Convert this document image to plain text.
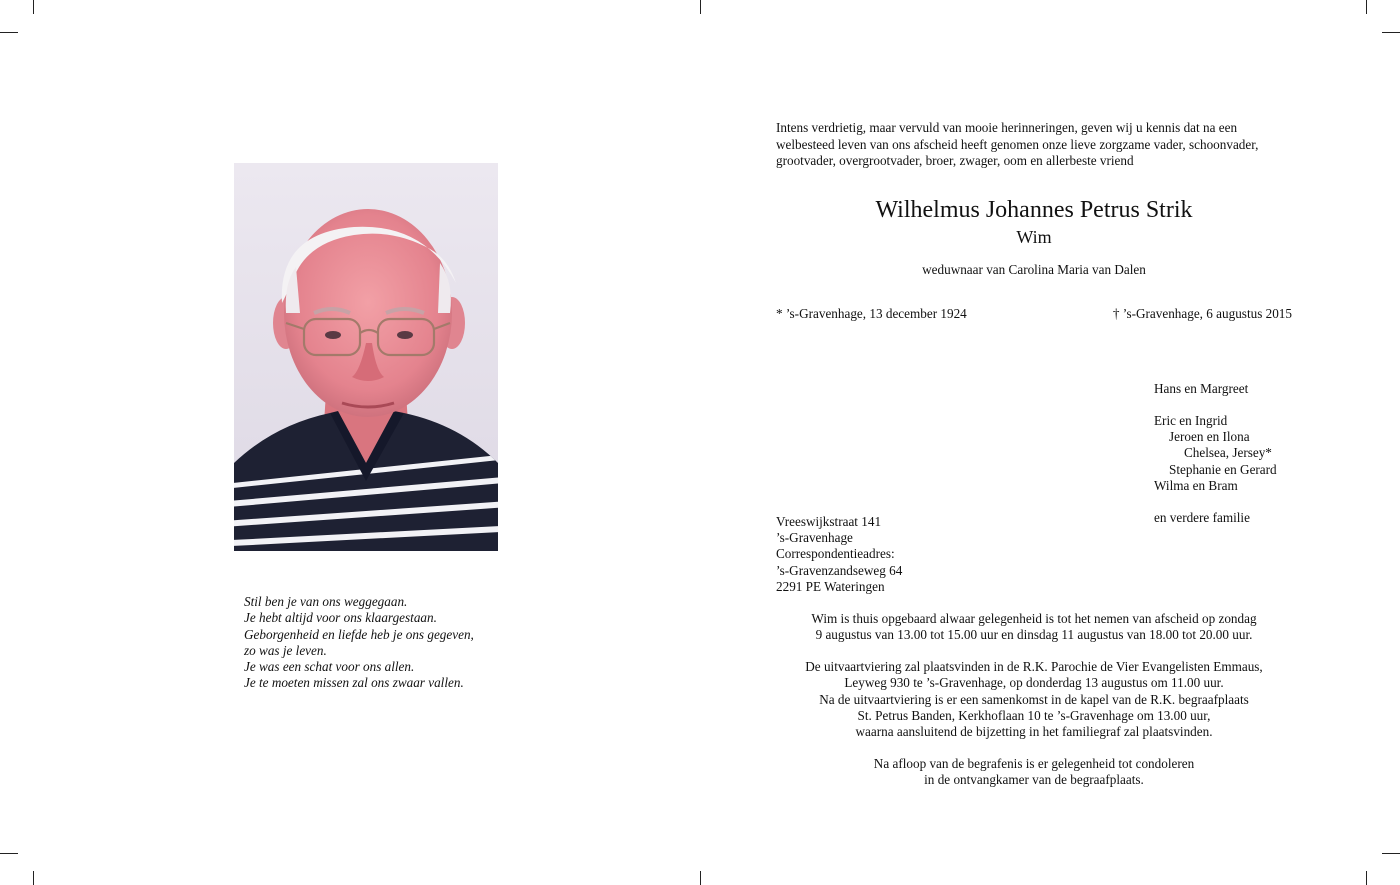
Stil ben je van ons weggegaan.
Je hebt altijd voor ons klaargestaan.
Geborgenheid en liefde heb je ons gegeven,
zo was je leven.
Je was een schat voor ons allen.
Je te moeten missen zal ons zwaar vallen.
Intens verdrietig, maar vervuld van mooie herinneringen, geven wij u kennis dat na een
welbesteed leven van ons afscheid heeft genomen onze lieve zorgzame vader, schoonvader,
grootvader, overgrootvader, broer, zwager, oom en allerbeste vriend
Wilhelmus Johannes Petrus Strik
Wim
weduwnaar van Carolina Maria van Dalen
* ’s-Gravenhage, 13 december 1924	† ’s-Gravenhage, 6 augustus 2015
Hans en Margreet
Eric en Ingrid
Jeroen en Ilona
Chelsea, Jersey*
Stephanie en Gerard
Wilma en Bram
en verdere familie
Vreeswijkstraat 141
’s-Gravenhage
Correspondentieadres:
’s-Gravenzandseweg 64
2291 PE Wateringen
Wim is thuis opgebaard alwaar gelegenheid is tot het nemen van afscheid op zondag
9 augustus van 13.00 tot 15.00 uur en dinsdag 11 augustus van 18.00 tot 20.00 uur.
De uitvaartviering zal plaatsvinden in de R.K. Parochie de Vier Evangelisten Emmaus,
Leyweg 930 te ’s-Gravenhage, op donderdag 13 augustus om 11.00 uur.
Na de uitvaartviering is er een samenkomst in de kapel van de R.K. begraafplaats
St. Petrus Banden, Kerkhoflaan 10 te ’s-Gravenhage om 13.00 uur,
waarna aansluitend de bijzetting in het familiegraf zal plaatsvinden.
Na afloop van de begrafenis is er gelegenheid tot condoleren
in de ontvangkamer van de begraafplaats.
